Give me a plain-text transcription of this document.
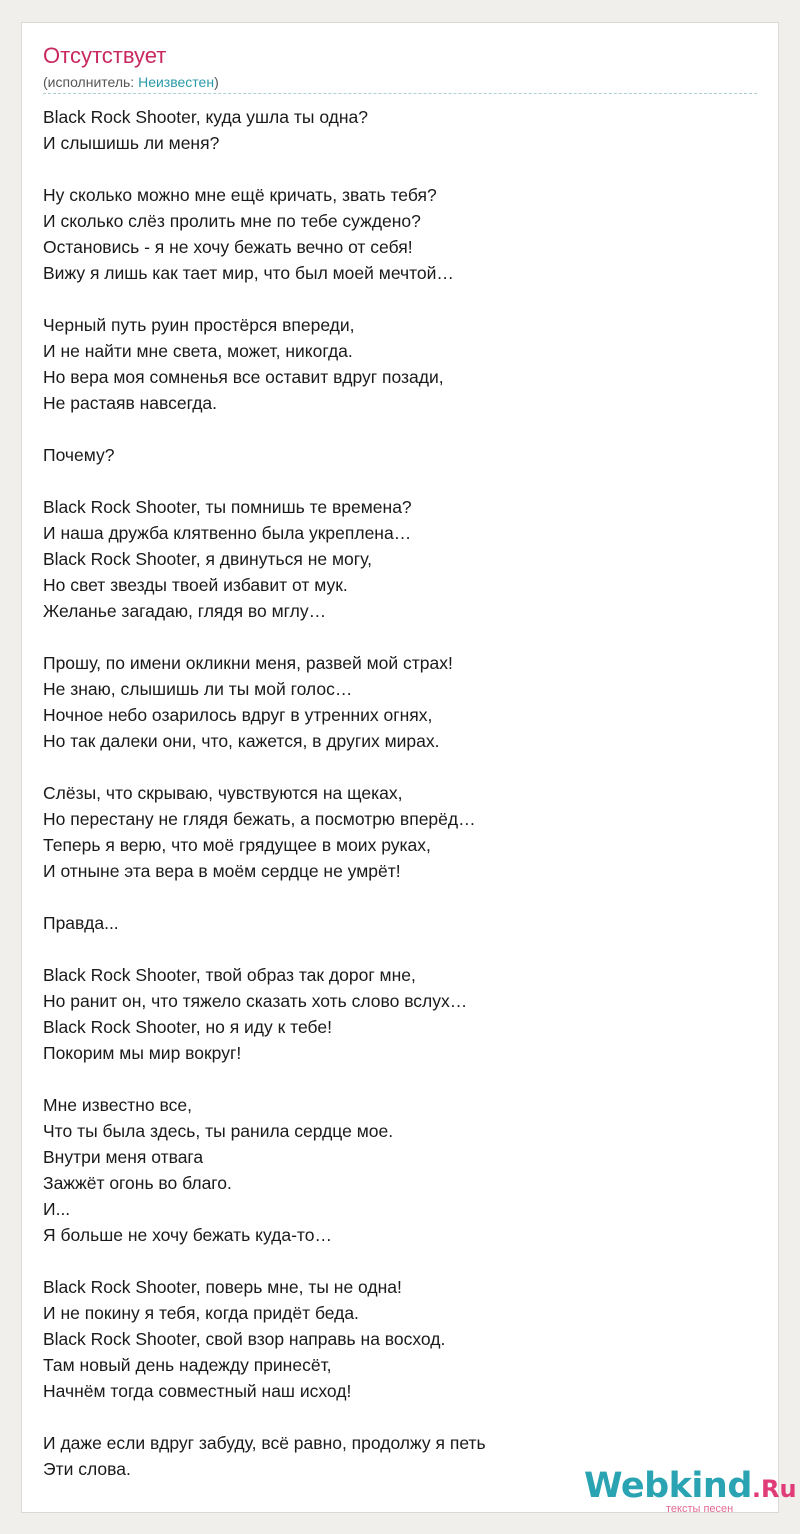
Отсутствует
(исполнитель: Неизвестен)
Black Rock Shooter, куда ушла ты одна?
И слышишь ли меня?
Ну сколько можно мне ещё кричать, звать тебя?
И сколько слёз пролить мне по тебе суждено?
Остановись - я не хочу бежать вечно от себя!
Вижу я лишь как тает мир, что был моей мечтой…
Черный путь руин простёрся впереди,
И не найти мне света, может, никогда.
Но вера моя сомненья все оставит вдруг позади,
Не растаяв навсегда.
Почему?
Black Rock Shooter, ты помнишь те времена?
И наша дружба клятвенно была укреплена…
Black Rock Shooter, я двинуться не могу,
Но свет звезды твоей избавит от мук.
Желанье загадаю, глядя во мглу…
Прошу, по имени окликни меня, развей мой страх!
Не знаю, слышишь ли ты мой голос…
Ночное небо озарилось вдруг в утренних огнях,
Но так далеки они, что, кажется, в других мирах.
Слёзы, что скрываю, чувствуются на щеках,
Но перестану не глядя бежать, а посмотрю вперёд…
Теперь я верю, что моё грядущее в моих руках,
И отныне эта вера в моём сердце не умрёт!
Правда...
Black Rock Shooter, твой образ так дорог мне,
Но ранит он, что тяжело сказать хоть слово вслух…
Black Rock Shooter, но я иду к тебе!
Покорим мы мир вокруг!
Мне известно все,
Что ты была здесь, ты ранила сердце мое.
Внутри меня отвага
Зажжёт огонь во благо.
И...
Я больше не хочу бежать куда-то…
Black Rock Shooter, поверь мне, ты не одна!
И не покину я тебя, когда придёт беда.
Black Rock Shooter, свой взор направь на восход.
Там новый день надежду принесёт,
Начнём тогда совместный наш исход!
И даже если вдруг забуду, всё равно, продолжу я петь
Эти слова.	Webkind.Ru
тексты песен
